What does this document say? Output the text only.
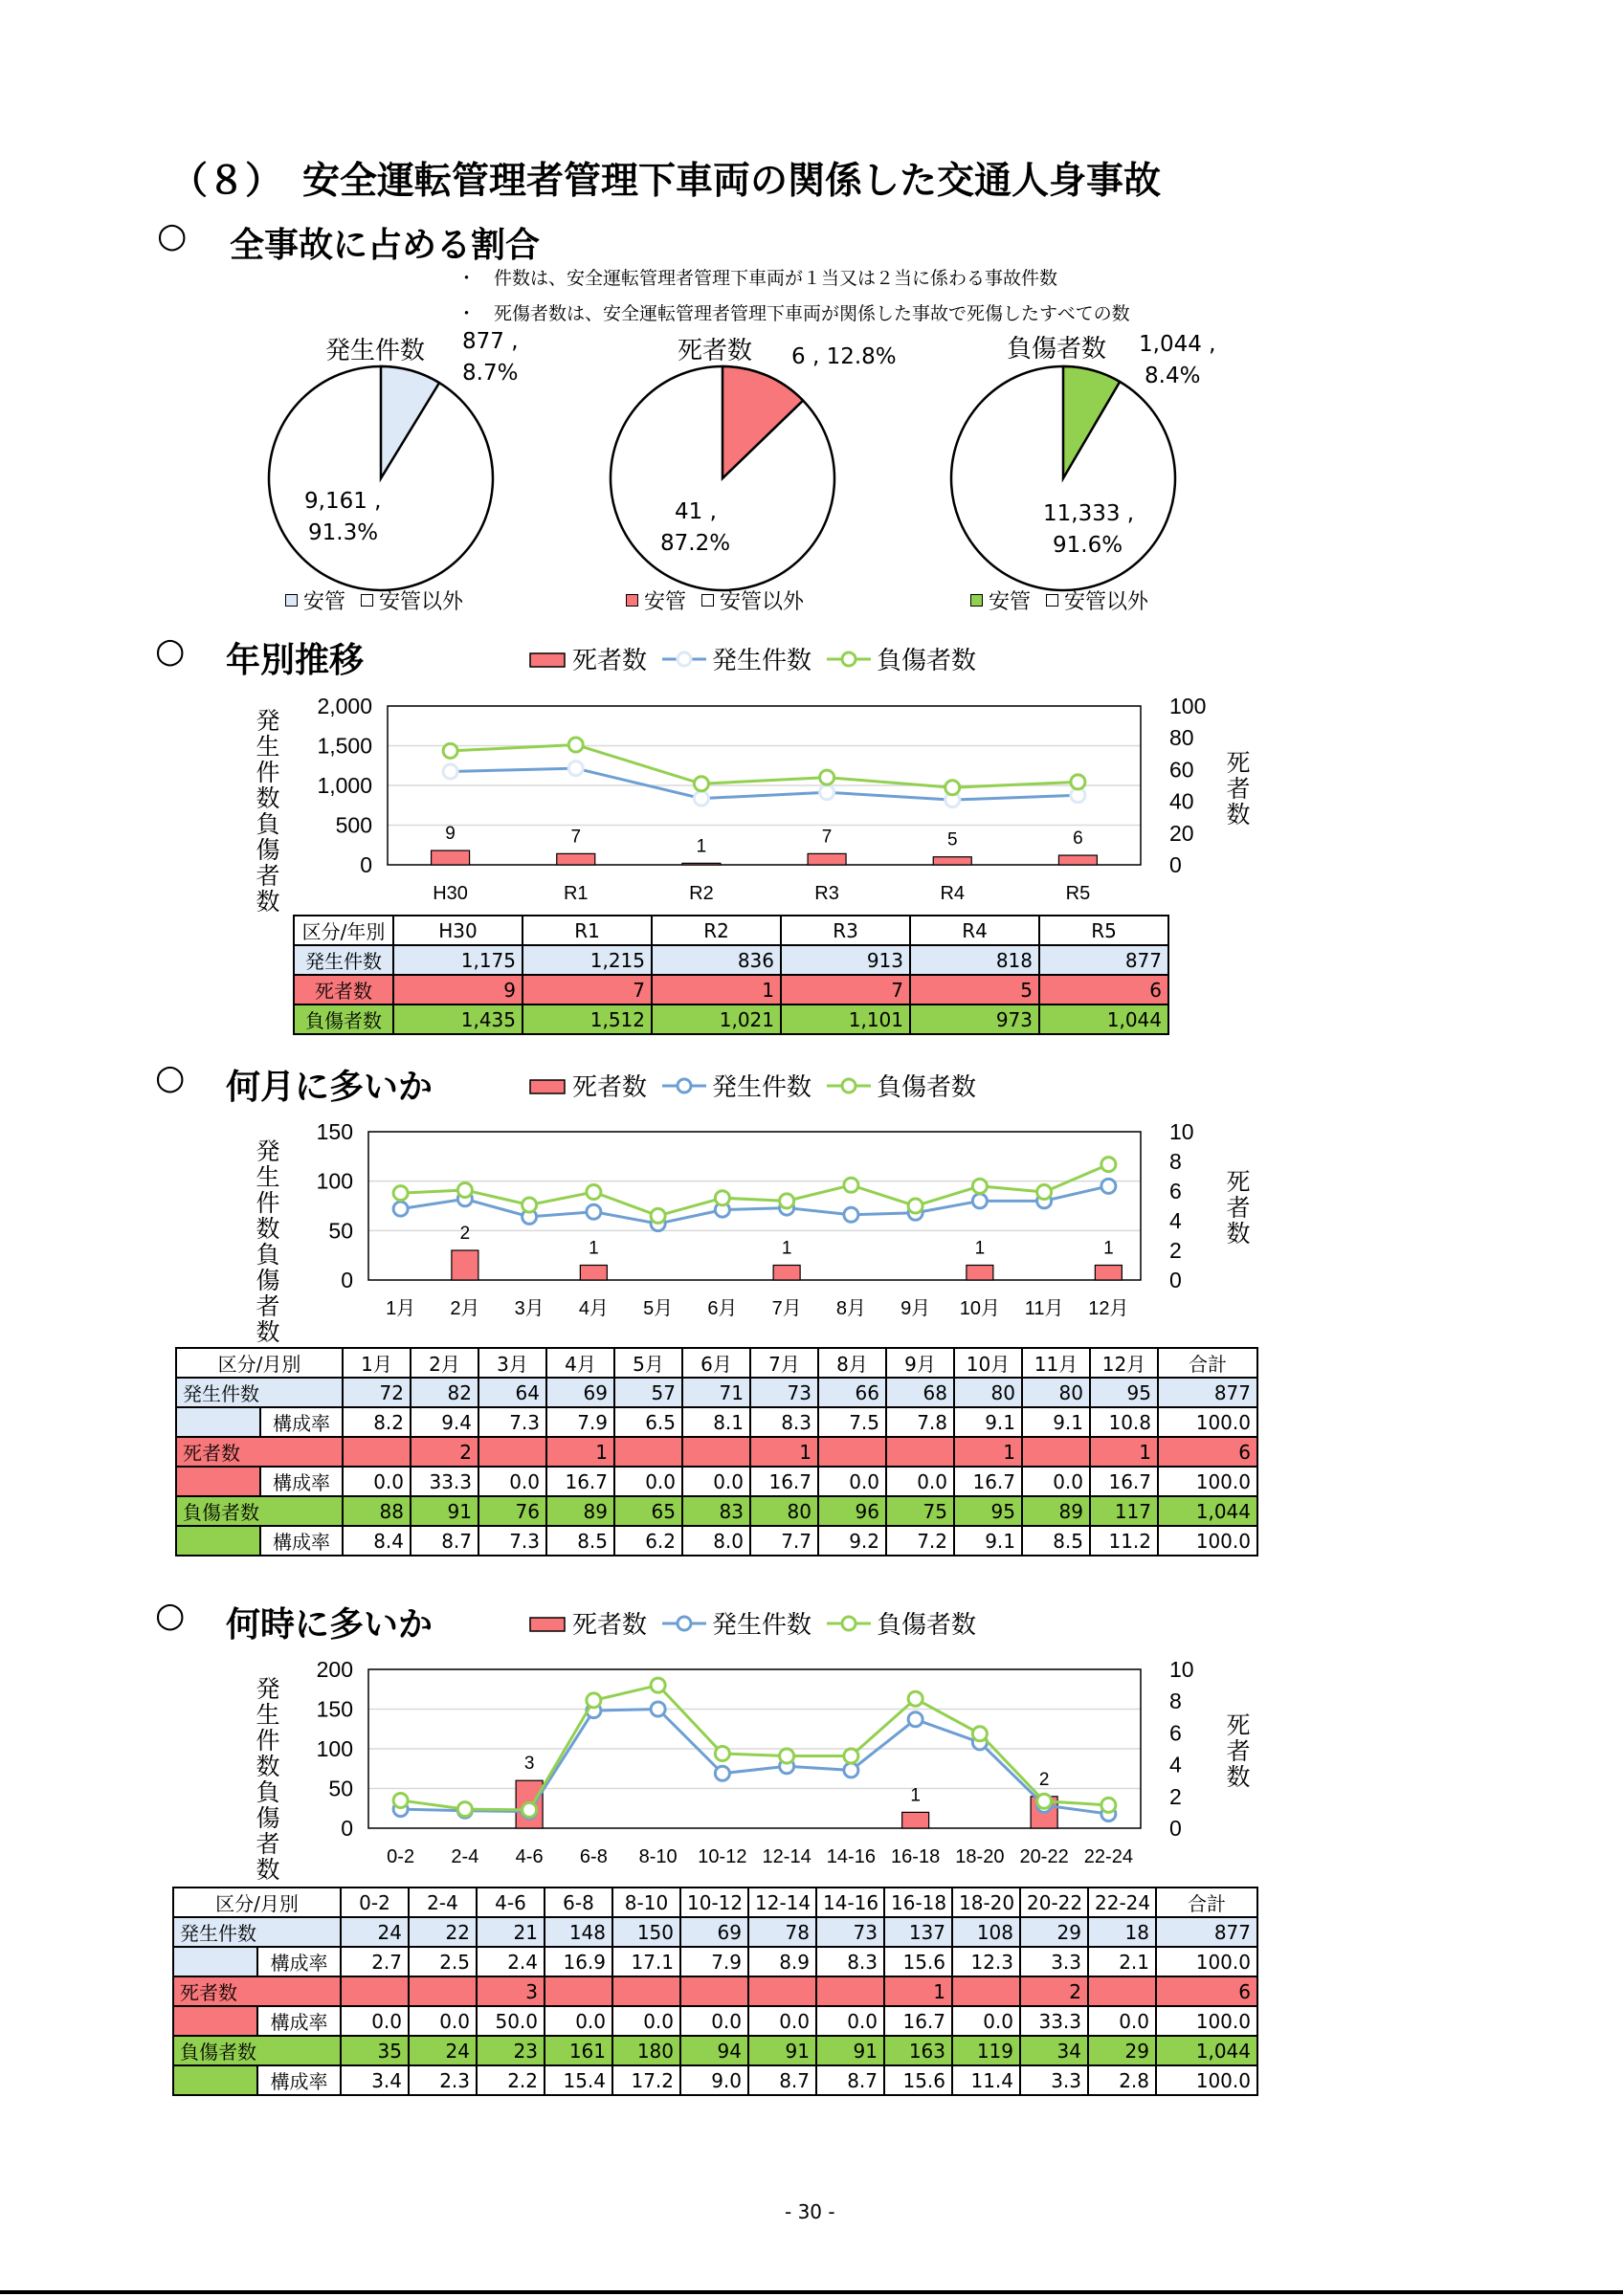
（８） 安全運転管理者管理下車両の関係した交通人身事故
○ 全事故に占める割合
・　件数は、安全運転管理者管理下車両が１当又は２当に係わる事故件数
・　死傷者数は、安全運転管理者管理下車両が関係した事故で死傷したすべての数
発生件数 877 ,
8.7%
9,161 ,
91.3%
安管 安管以外
死者数 6 , 12.8%
41 ,
87.2%
安管 安管以外
負傷者数 1,044 ,
8.4%
11,333 ,
91.6%
安管 安管以外
○ 年別推移	死者数	発生件数	負傷者数
発生件数負傷者数
死者数
0
500
1,000
1,500
2,000
0
20
40
60
80
100
H30	R1	R2	R3	R4	R5
9	7	1	7	5	6
区分/年別	H30	R1	R2	R3	R4	R5
発生件数	1,175	1,215	836	913	818	877
死者数	9	7	1	7	5	6
負傷者数	1,435	1,512	1,021	1,101	973	1,044
○ 何月に多いか	死者数	発生件数	負傷者数
発生件数負傷者数
死者数
0
50
100
150
0
2
4
6
8
10
1月 2月 3月 4月 5月 6月 7月 8月 9月 10月 11月 12月
2
1	1	1	1
区分/月別		1月	2月	3月	4月	5月	6月	7月	8月	9月	10月	11月	12月	合計
発生件数		72	82	64	69	57	71	73	66	68	80	80	95	877
	構成率	8.2	9.4	7.3	7.9	6.5	8.1	8.3	7.5	7.8	9.1	9.1	10.8	100.0
死者数			2		1			1			1		1	6
	構成率	0.0	33.3	0.0	16.7	0.0	0.0	16.7	0.0	0.0	16.7	0.0	16.7	100.0
負傷者数		88	91	76	89	65	83	80	96	75	95	89	117	1,044
	構成率	8.4	8.7	7.3	8.5	6.2	8.0	7.7	9.2	7.2	9.1	8.5	11.2	100.0
○ 何時に多いか	死者数	発生件数	負傷者数
発生件数負傷者数
死者数
0
50
100
150
200
0
2
4
6
8
10
0-2 2-4 4-6 6-8 8-10 10-12 12-14 14-16 16-18 18-20 20-22 22-24
3
1
2
区分/月別		0-2	2-4	4-6	6-8	8-10	10-12	12-14	14-16	16-18	18-20	20-22	22-24	合計
発生件数		24	22	21	148	150	69	78	73	137	108	29	18	877
	構成率	2.7	2.5	2.4	16.9	17.1	7.9	8.9	8.3	15.6	12.3	3.3	2.1	100.0
死者数				3						1		2		6
	構成率	0.0	0.0	50.0	0.0	0.0	0.0	0.0	0.0	16.7	0.0	33.3	0.0	100.0
負傷者数		35	24	23	161	180	94	91	91	163	119	34	29	1,044
	構成率	3.4	2.3	2.2	15.4	17.2	9.0	8.7	8.7	15.6	11.4	3.3	2.8	100.0
- 30 -
